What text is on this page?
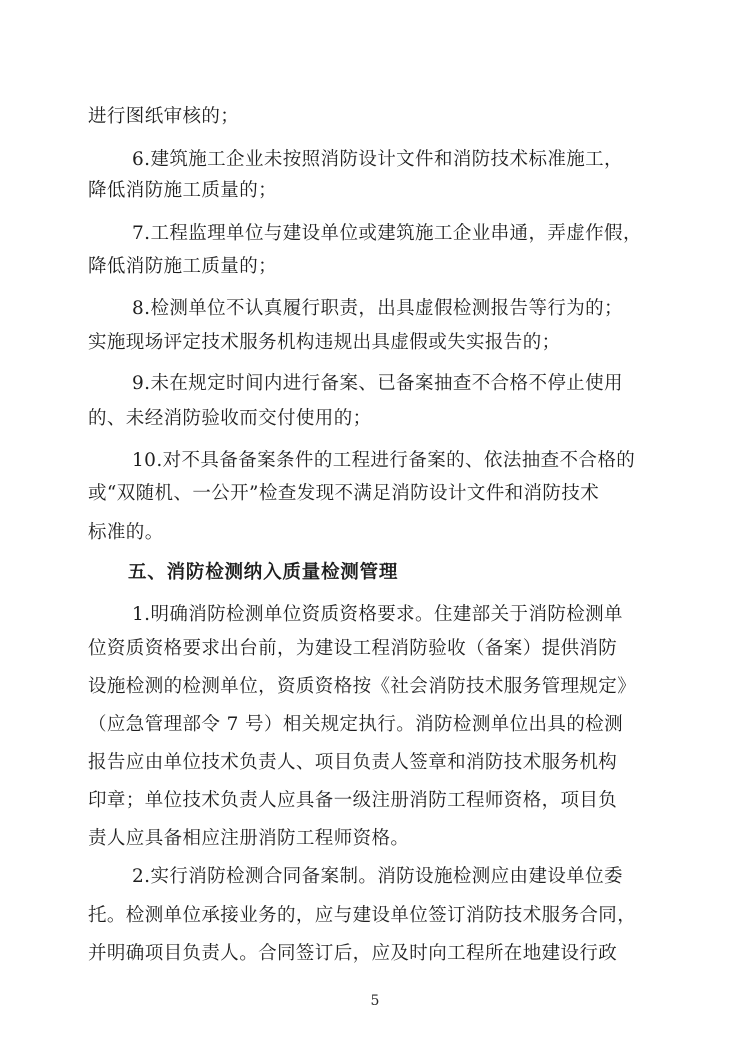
进行图纸审核的；
6.建筑施工企业未按照消防设计文件和消防技术标准施工，
降低消防施工质量的；
7.工程监理单位与建设单位或建筑施工企业串通，弄虚作假，
降低消防施工质量的；
8.检测单位不认真履行职责，出具虚假检测报告等行为的；
实施现场评定技术服务机构违规出具虚假或失实报告的；
9.未在规定时间内进行备案、已备案抽查不合格不停止使用
的、未经消防验收而交付使用的；
10.对不具备备案条件的工程进行备案的、依法抽查不合格的
或“双随机、一公开”检查发现不满足消防设计文件和消防技术
标准的。
五、消防检测纳入质量检测管理
1.明确消防检测单位资质资格要求。住建部关于消防检测单
位资质资格要求出台前，为建设工程消防验收（备案）提供消防
设施检测的检测单位，资质资格按《社会消防技术服务管理规定》
（应急管理部令 7 号）相关规定执行。消防检测单位出具的检测
报告应由单位技术负责人、项目负责人签章和消防技术服务机构
印章；单位技术负责人应具备一级注册消防工程师资格，项目负
责人应具备相应注册消防工程师资格。
2.实行消防检测合同备案制。消防设施检测应由建设单位委
托。检测单位承接业务的，应与建设单位签订消防技术服务合同，
并明确项目负责人。合同签订后，应及时向工程所在地建设行政
5
